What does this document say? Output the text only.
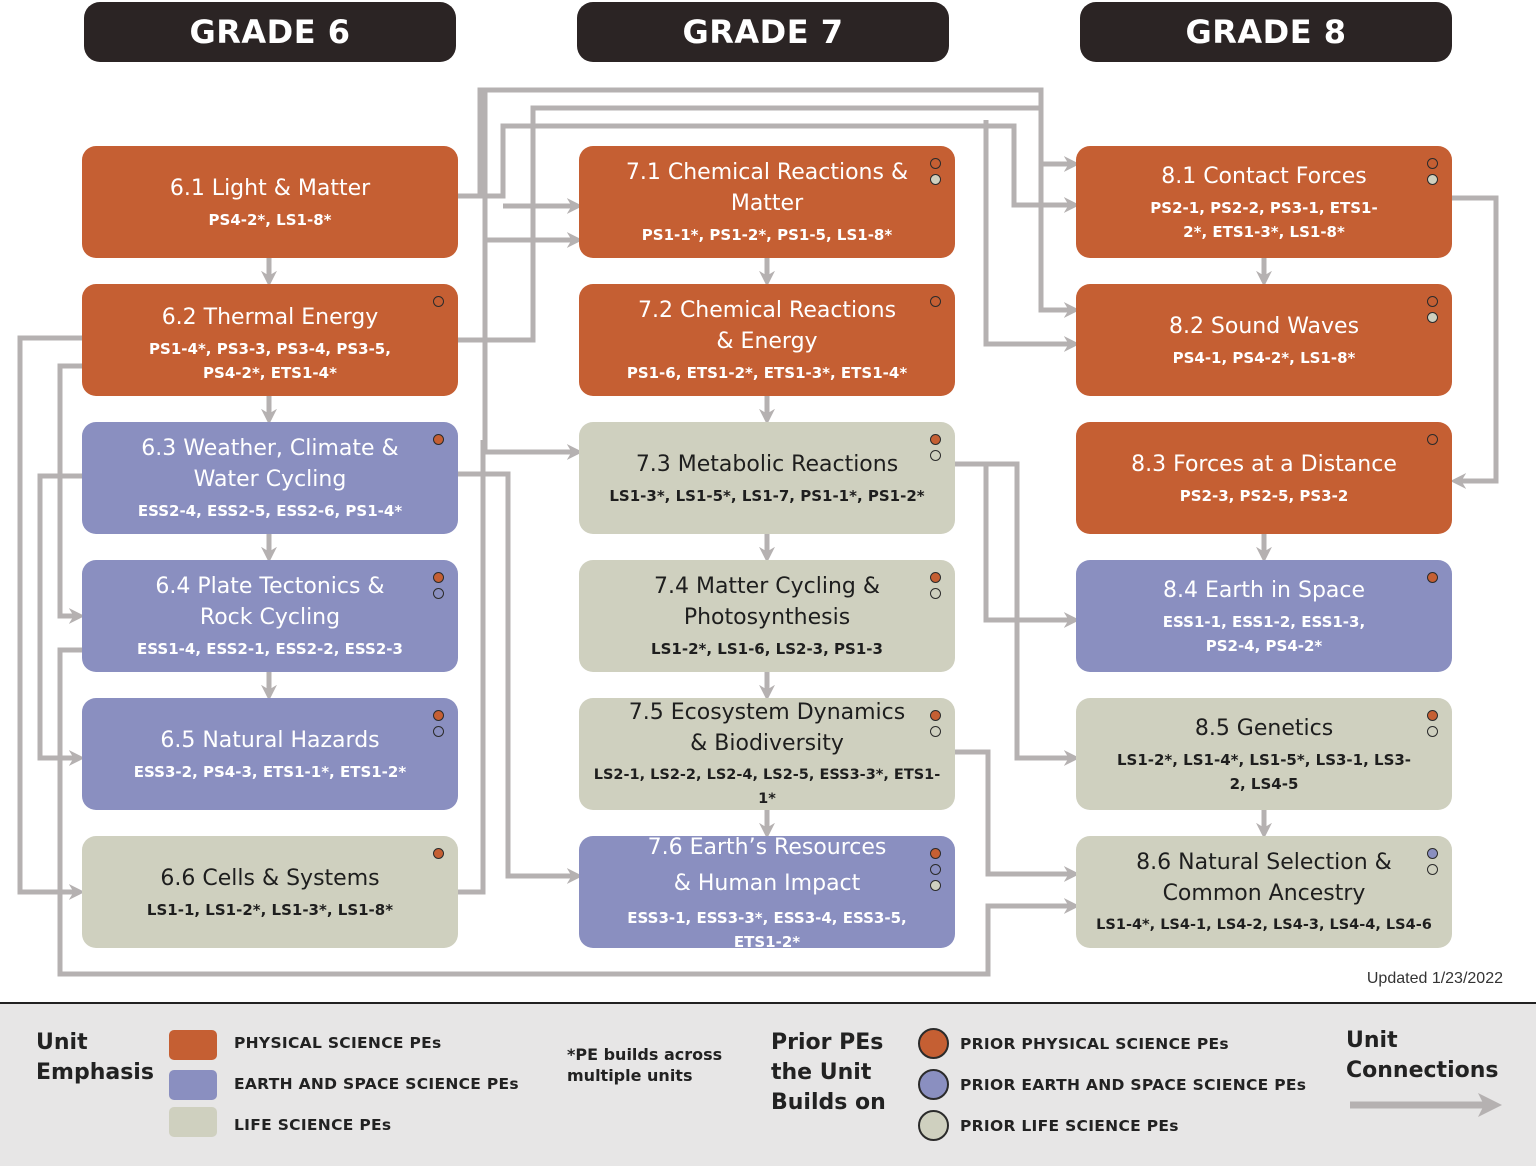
GRADE 6	GRADE 7	GRADE 8
6.1 Light & Matter
PS4-2*, LS1-8*
6.2 Thermal Energy
PS1-4*, PS3-3, PS3-4, PS3-5, PS4-2*, ETS1-4*
6.3 Weather, Climate & Water Cycling
ESS2-4, ESS2-5, ESS2-6, PS1-4*
6.4 Plate Tectonics & Rock Cycling
ESS1-4, ESS2-1, ESS2-2, ESS2-3
6.5 Natural Hazards
ESS3-2, PS4-3, ETS1-1*, ETS1-2*
6.6 Cells & Systems
LS1-1, LS1-2*, LS1-3*, LS1-8*
7.1 Chemical Reactions & Matter
PS1-1*, PS1-2*, PS1-5, LS1-8*
7.2 Chemical Reactions & Energy
PS1-6, ETS1-2*, ETS1-3*, ETS1-4*
7.3 Metabolic Reactions
LS1-3*, LS1-5*, LS1-7, PS1-1*, PS1-2*
7.4 Matter Cycling & Photosynthesis
LS1-2*, LS1-6, LS2-3, PS1-3
7.5 Ecosystem Dynamics & Biodiversity
LS2-1, LS2-2, LS2-4, LS2-5, ESS3-3*, ETS1-1*
7.6 Earth’s Resources & Human Impact
ESS3-1, ESS3-3*, ESS3-4, ESS3-5, ETS1-2*
8.1 Contact Forces
PS2-1, PS2-2, PS3-1, ETS1-2*, ETS1-3*, LS1-8*
8.2 Sound Waves
PS4-1, PS4-2*, LS1-8*
8.3 Forces at a Distance
PS2-3, PS2-5, PS3-2
8.4 Earth in Space
ESS1-1, ESS1-2, ESS1-3, PS2-4, PS4-2*
8.5 Genetics
LS1-2*, LS1-4*, LS1-5*, LS3-1, LS3-2, LS4-5
8.6 Natural Selection & Common Ancestry
LS1-4*, LS4-1, LS4-2, LS4-3, LS4-4, LS4-6
Updated 1/23/2022
Unit Emphasis
PHYSICAL SCIENCE PEs
EARTH AND SPACE SCIENCE PEs
LIFE SCIENCE PEs
*PE builds across multiple units
Prior PEs the Unit Builds on
PRIOR PHYSICAL SCIENCE PEs
PRIOR EARTH AND SPACE SCIENCE PEs
PRIOR LIFE SCIENCE PEs
Unit Connections
